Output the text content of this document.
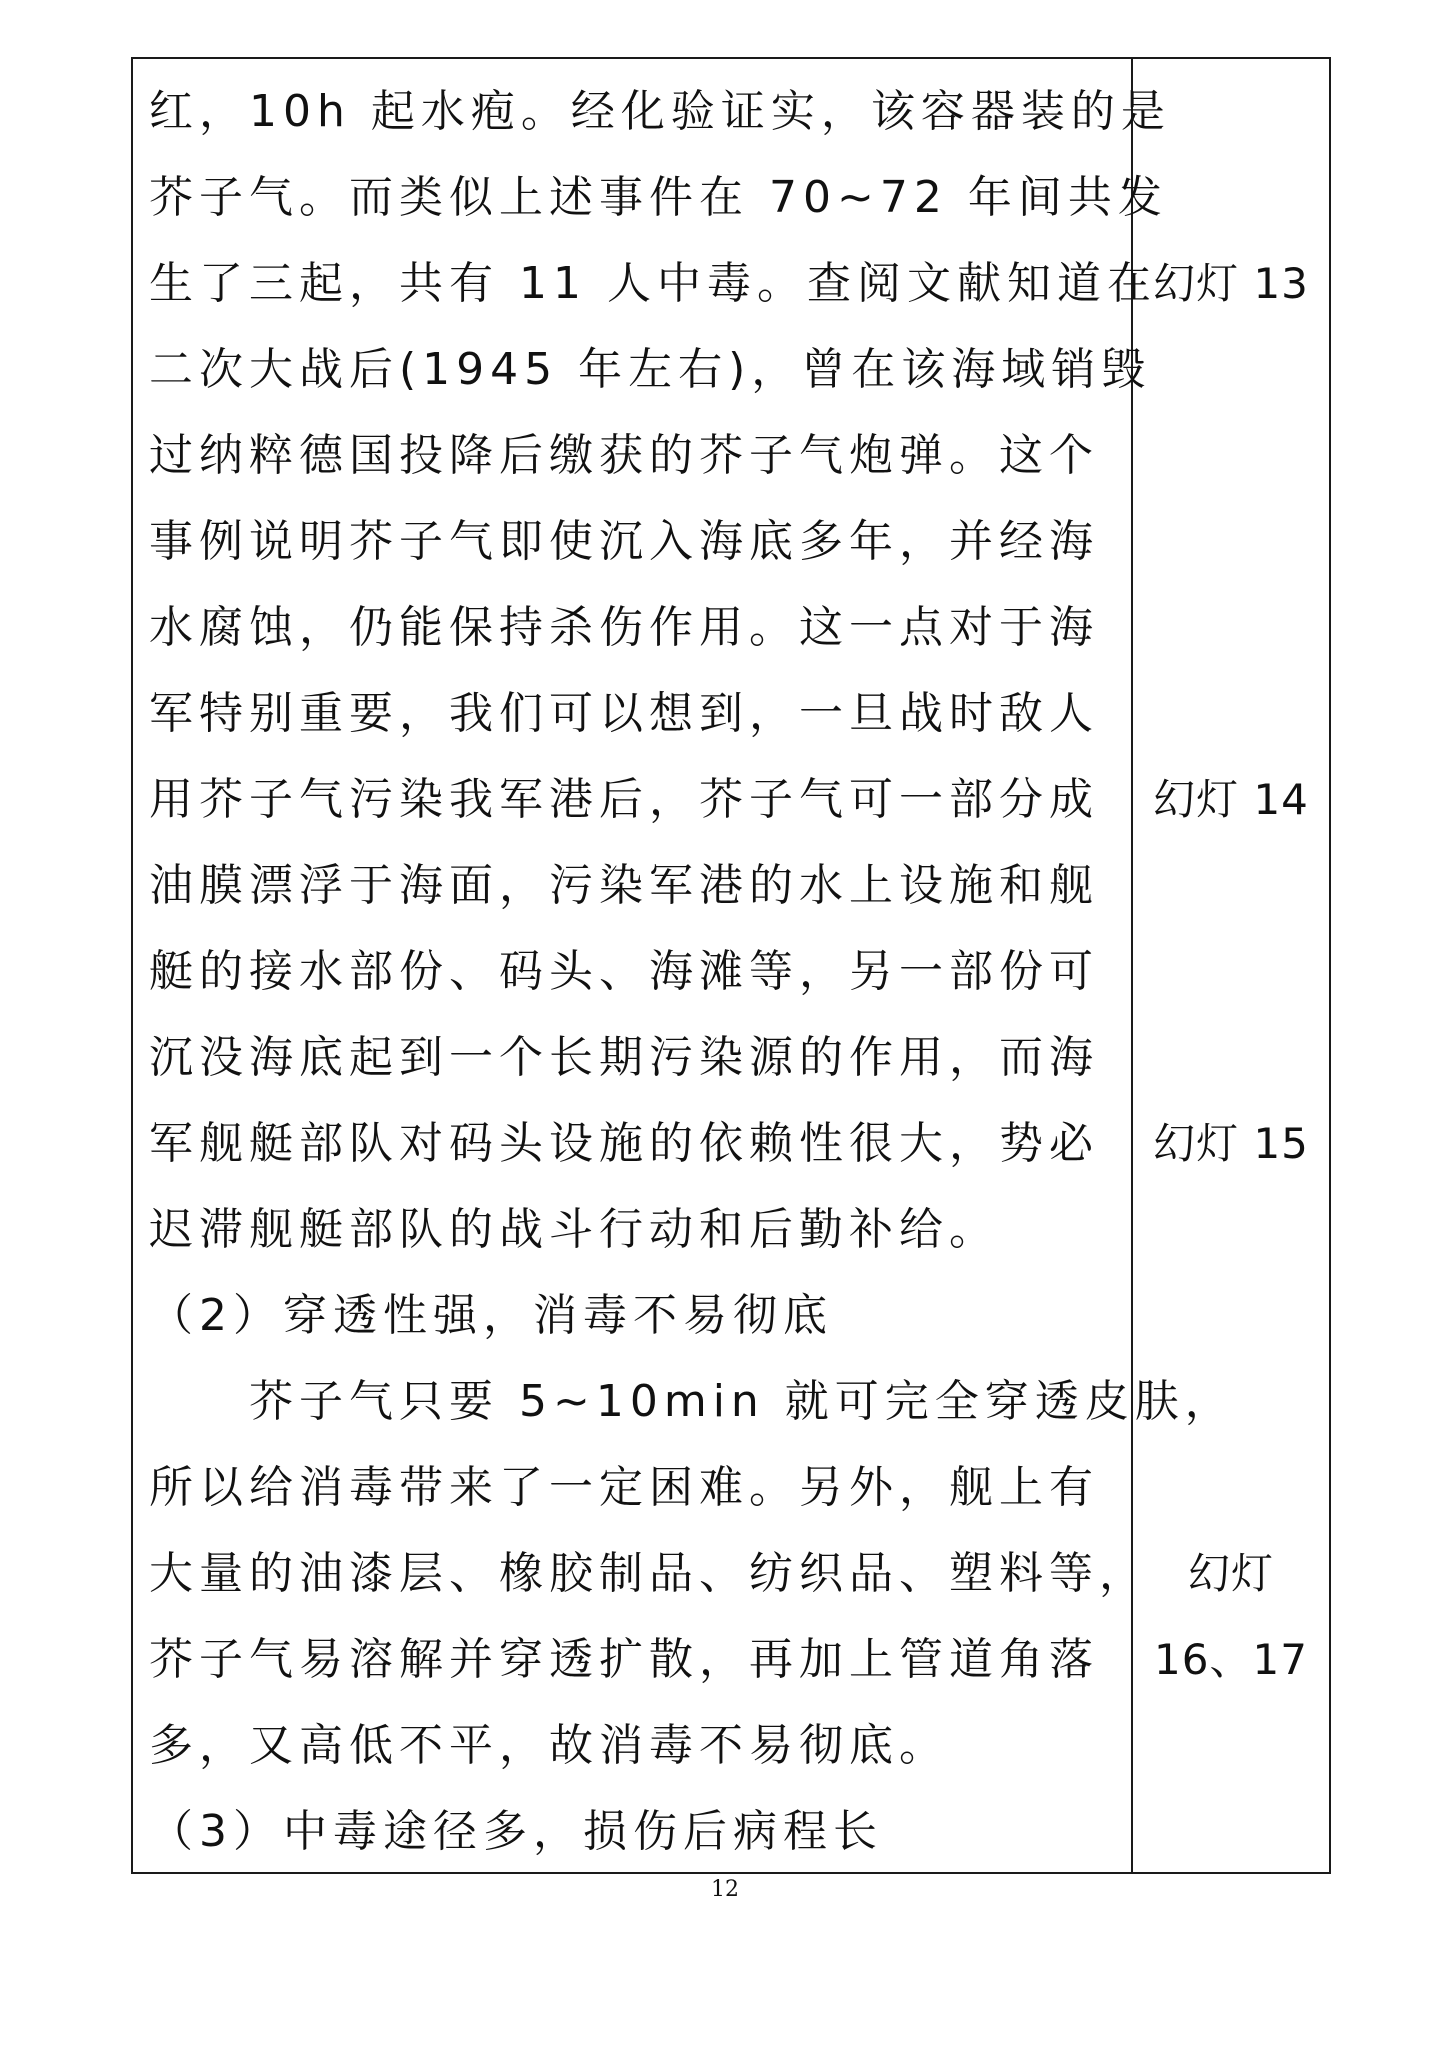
红，10h 起水疱。经化验证实，该容器装的是
芥子气。而类似上述事件在 70~72 年间共发
生了三起，共有 11 人中毒。查阅文献知道在
二次大战后(1945 年左右)，曾在该海域销毁
过纳粹德国投降后缴获的芥子气炮弹。这个
事例说明芥子气即使沉入海底多年，并经海
水腐蚀，仍能保持杀伤作用。这一点对于海
军特别重要，我们可以想到，一旦战时敌人
用芥子气污染我军港后，芥子气可一部分成
油膜漂浮于海面，污染军港的水上设施和舰
艇的接水部份、码头、海滩等，另一部份可
沉没海底起到一个长期污染源的作用，而海
军舰艇部队对码头设施的依赖性很大，势必
迟滞舰艇部队的战斗行动和后勤补给。
（2）穿透性强，消毒不易彻底
芥子气只要 5~10min 就可完全穿透皮肤，
所以给消毒带来了一定困难。另外，舰上有
大量的油漆层、橡胶制品、纺织品、塑料等，
芥子气易溶解并穿透扩散，再加上管道角落
多，又高低不平，故消毒不易彻底。
（3）中毒途径多，损伤后病程长
幻灯 13
幻灯 14
幻灯 15
幻灯
16、17
12
